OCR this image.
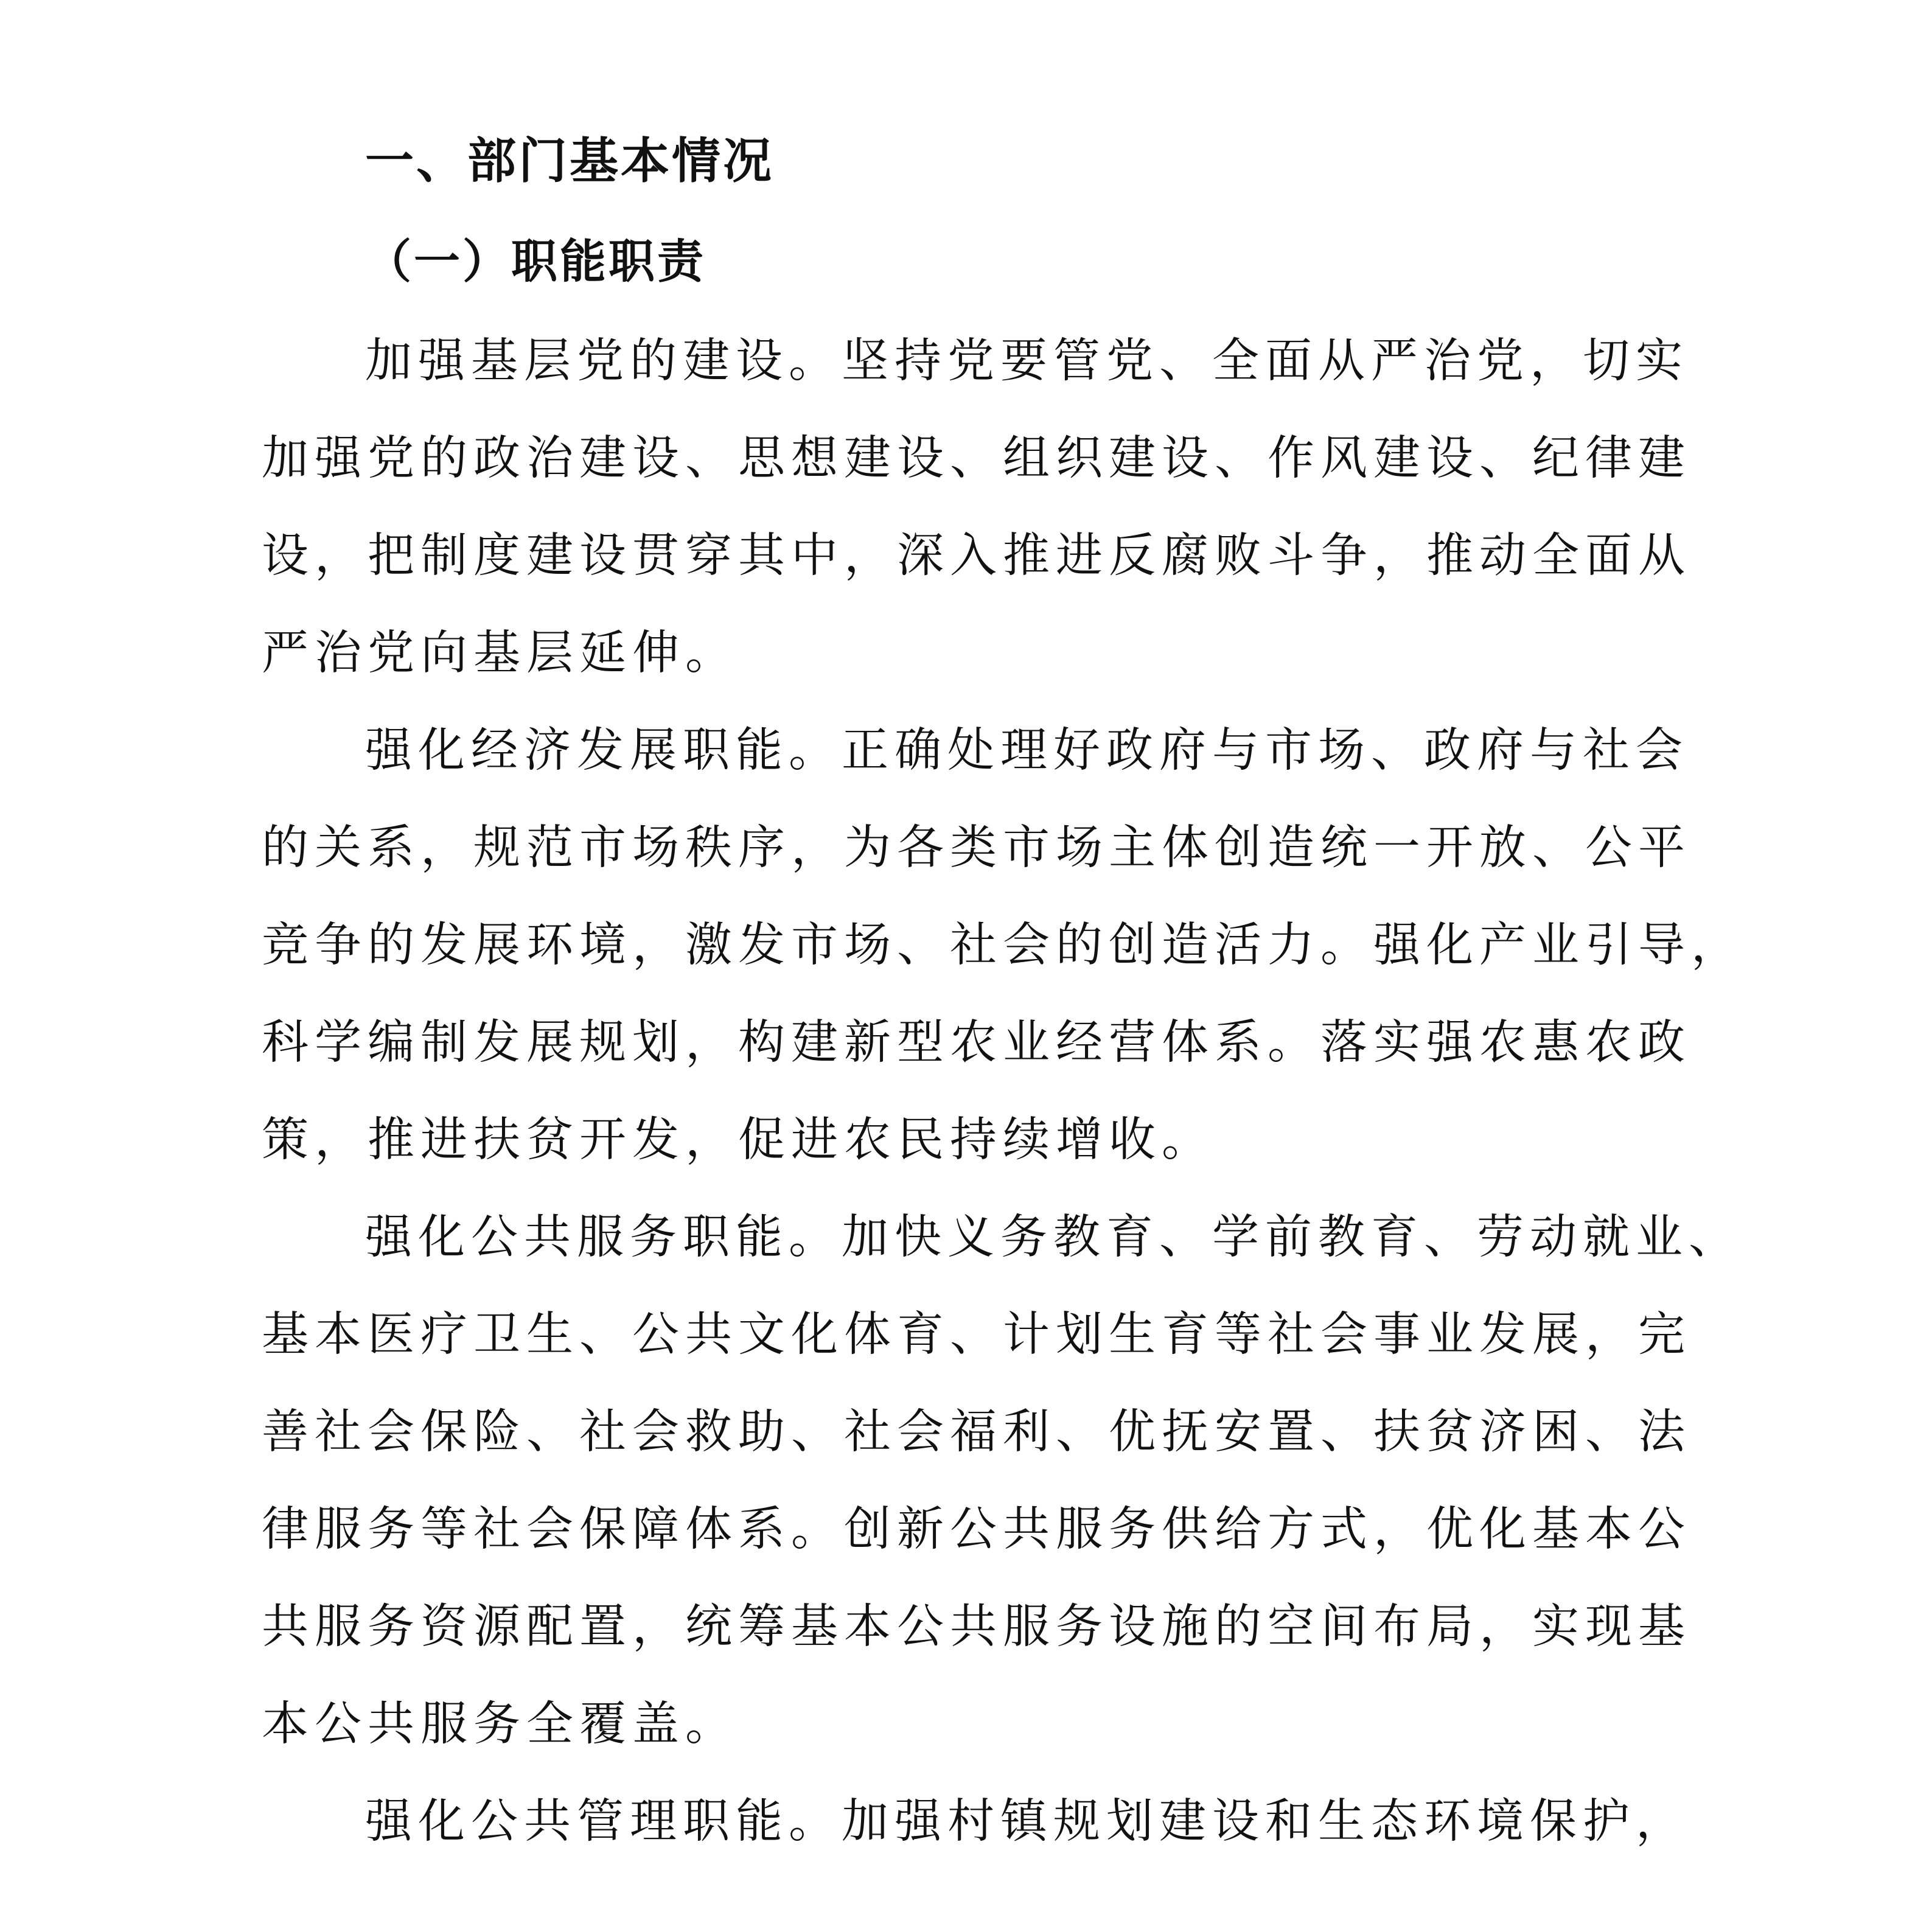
一、部门基本情况
（一）职能职责
加强基层党的建设。坚持党要管党、全面从严治党，切实
加强党的政治建设、思想建设、组织建设、作风建设、纪律建
设，把制度建设贯穿其中，深入推进反腐败斗争，推动全面从
严治党向基层延伸。
强化经济发展职能。正确处理好政府与市场、政府与社会
的关系，规范市场秩序，为各类市场主体创造统一开放、公平
竞争的发展环境，激发市场、社会的创造活力。强化产业引导，
科学编制发展规划，构建新型农业经营体系。落实强农惠农政
策，推进扶贫开发，促进农民持续增收。
强化公共服务职能。加快义务教育、学前教育、劳动就业、
基本医疗卫生、公共文化体育、计划生育等社会事业发展，完
善社会保险、社会救助、社会福利、优抚安置、扶贫济困、法
律服务等社会保障体系。创新公共服务供给方式，优化基本公
共服务资源配置，统筹基本公共服务设施的空间布局，实现基
本公共服务全覆盖。
强化公共管理职能。加强村镇规划建设和生态环境保护，
